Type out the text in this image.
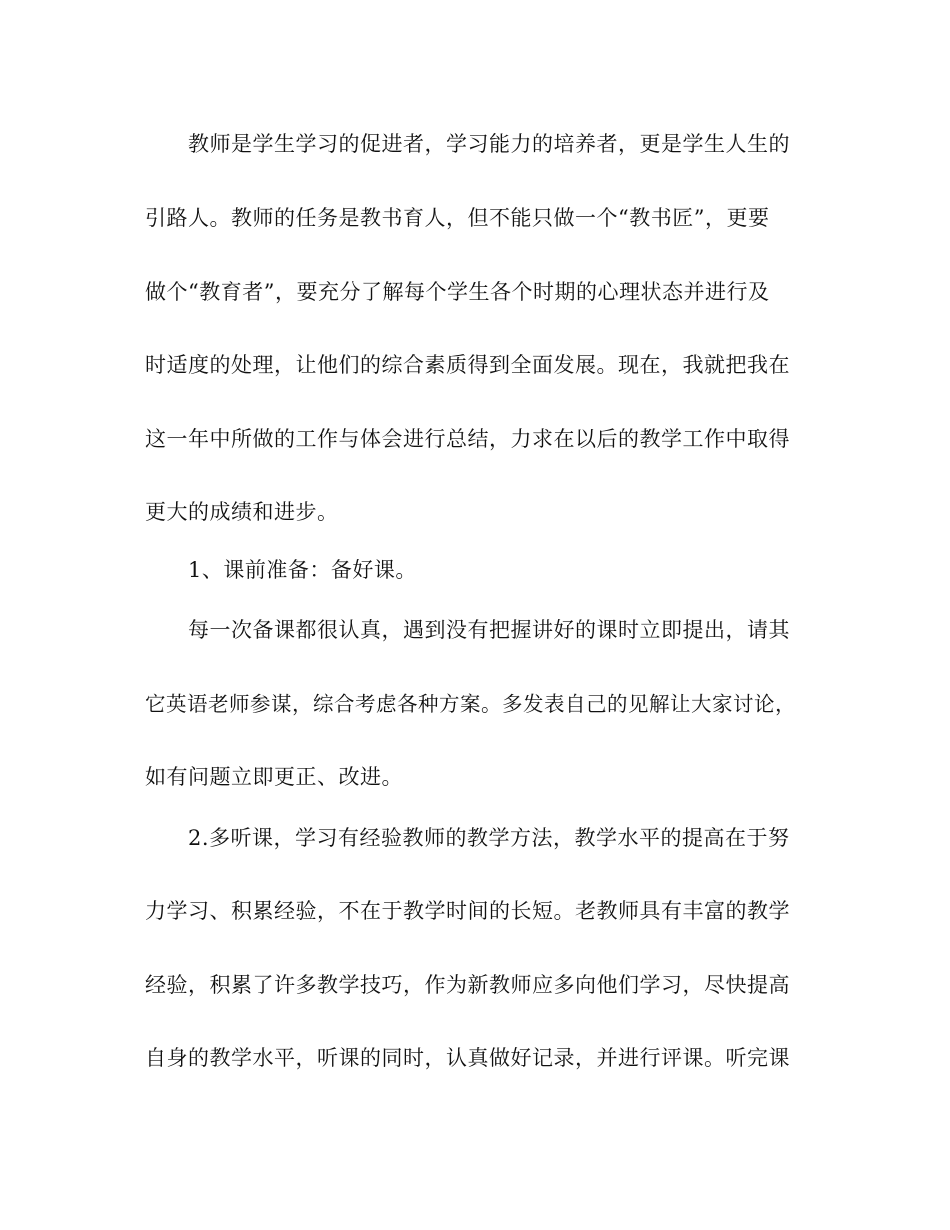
教师是学生学习的促进者，学习能力的培养者，更是学生人生的
引路人。教师的任务是教书育人，但不能只做一个“教书匠”，更要
做个“教育者”，要充分了解每个学生各个时期的心理状态并进行及
时适度的处理，让他们的综合素质得到全面发展。现在，我就把我在
这一年中所做的工作与体会进行总结，力求在以后的教学工作中取得
更大的成绩和进步。
1、课前准备：备好课。
每一次备课都很认真，遇到没有把握讲好的课时立即提出，请其
它英语老师参谋，综合考虑各种方案。多发表自己的见解让大家讨论，
如有问题立即更正、改进。
2.多听课，学习有经验教师的教学方法，教学水平的提高在于努
力学习、积累经验，不在于教学时间的长短。老教师具有丰富的教学
经验，积累了许多教学技巧，作为新教师应多向他们学习，尽快提高
自身的教学水平，听课的同时，认真做好记录，并进行评课。听完课
